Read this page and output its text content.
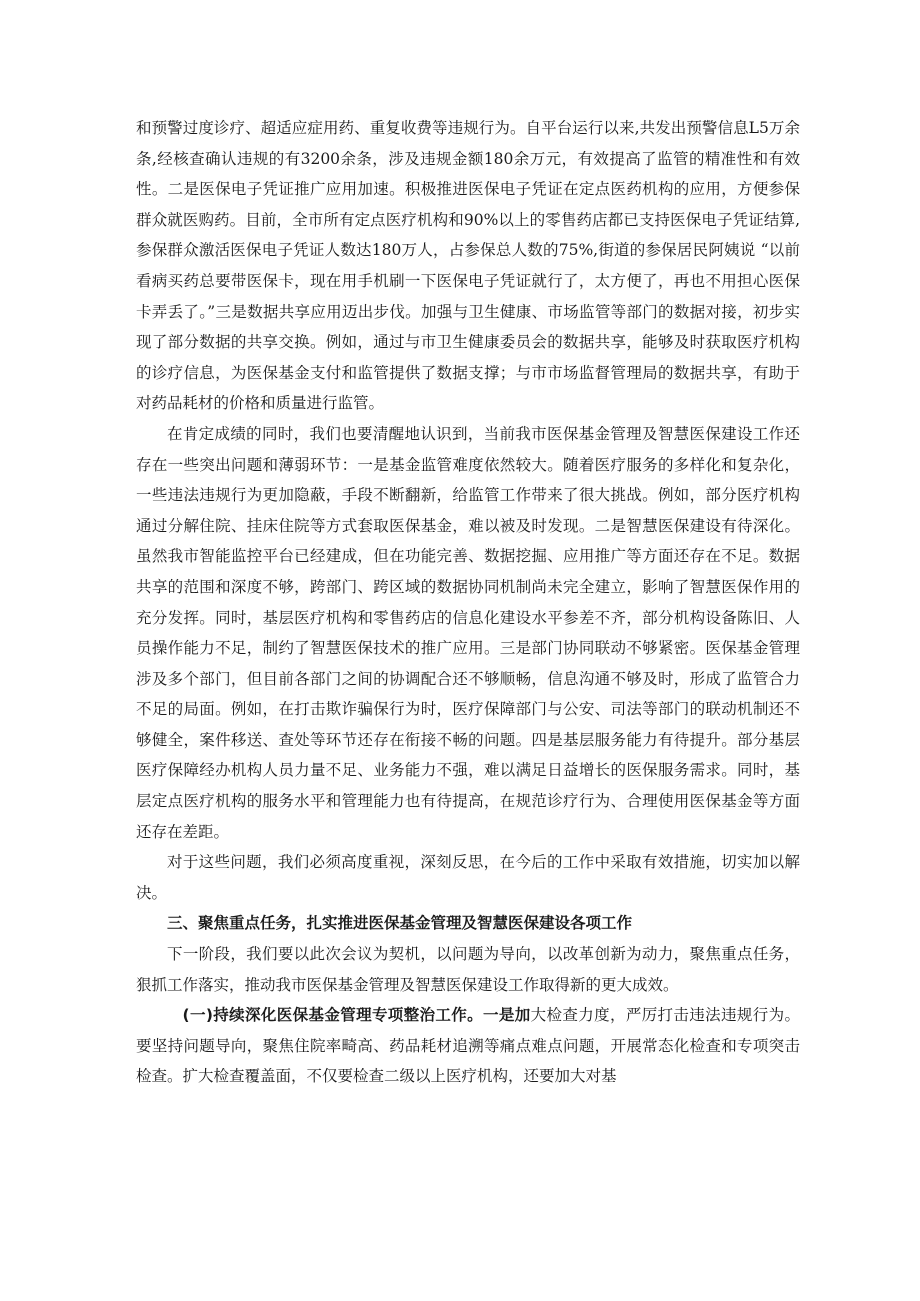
和预警过度诊疗、超适应症用药、重复收费等违规行为。自平台运行以来,共发出预警信息L5万余条,经核查确认违规的有3200余条，涉及违规金额180余万元，有效提高了监管的精准性和有效性。二是医保电子凭证推广应用加速。积极推进医保电子凭证在定点医药机构的应用，方便参保群众就医购药。目前，全市所有定点医疗机构和90%以上的零售药店都已支持医保电子凭证结算,参保群众激活医保电子凭证人数达180万人，占参保总人数的75%,街道的参保居民阿姨说 “以前看病买药总要带医保卡，现在用手机刷一下医保电子凭证就行了，太方便了，再也不用担心医保卡弄丢了。”三是数据共享应用迈出步伐。加强与卫生健康、市场监管等部门的数据对接，初步实现了部分数据的共享交换。例如，通过与市卫生健康委员会的数据共享，能够及时获取医疗机构的诊疗信息，为医保基金支付和监管提供了数据支撑；与市市场监督管理局的数据共享，有助于对药品耗材的价格和质量进行监管。

在肯定成绩的同时，我们也要清醒地认识到，当前我市医保基金管理及智慧医保建设工作还存在一些突出问题和薄弱环节：一是基金监管难度依然较大。随着医疗服务的多样化和复杂化，一些违法违规行为更加隐蔽，手段不断翻新，给监管工作带来了很大挑战。例如，部分医疗机构通过分解住院、挂床住院等方式套取医保基金，难以被及时发现。二是智慧医保建设有待深化。虽然我市智能监控平台已经建成，但在功能完善、数据挖掘、应用推广等方面还存在不足。数据共享的范围和深度不够，跨部门、跨区域的数据协同机制尚未完全建立，影响了智慧医保作用的充分发挥。同时，基层医疗机构和零售药店的信息化建设水平参差不齐，部分机构设备陈旧、人员操作能力不足，制约了智慧医保技术的推广应用。三是部门协同联动不够紧密。医保基金管理涉及多个部门，但目前各部门之间的协调配合还不够顺畅，信息沟通不够及时，形成了监管合力不足的局面。例如，在打击欺诈骗保行为时，医疗保障部门与公安、司法等部门的联动机制还不够健全，案件移送、查处等环节还存在衔接不畅的问题。四是基层服务能力有待提升。部分基层医疗保障经办机构人员力量不足、业务能力不强，难以满足日益增长的医保服务需求。同时，基层定点医疗机构的服务水平和管理能力也有待提高，在规范诊疗行为、合理使用医保基金等方面还存在差距。

对于这些问题，我们必须高度重视，深刻反思，在今后的工作中采取有效措施，切实加以解决。

三、聚焦重点任务，扎实推进医保基金管理及智慧医保建设各项工作

下一阶段，我们要以此次会议为契机，以问题为导向，以改革创新为动力，聚焦重点任务，狠抓工作落实，推动我市医保基金管理及智慧医保建设工作取得新的更大成效。

(一)持续深化医保基金管理专项整治工作。一是加大检查力度，严厉打击违法违规行为。要坚持问题导向，聚焦住院率畸高、药品耗材追溯等痛点难点问题，开展常态化检查和专项突击检查。扩大检查覆盖面，不仅要检查二级以上医疗机构，还要加大对基
